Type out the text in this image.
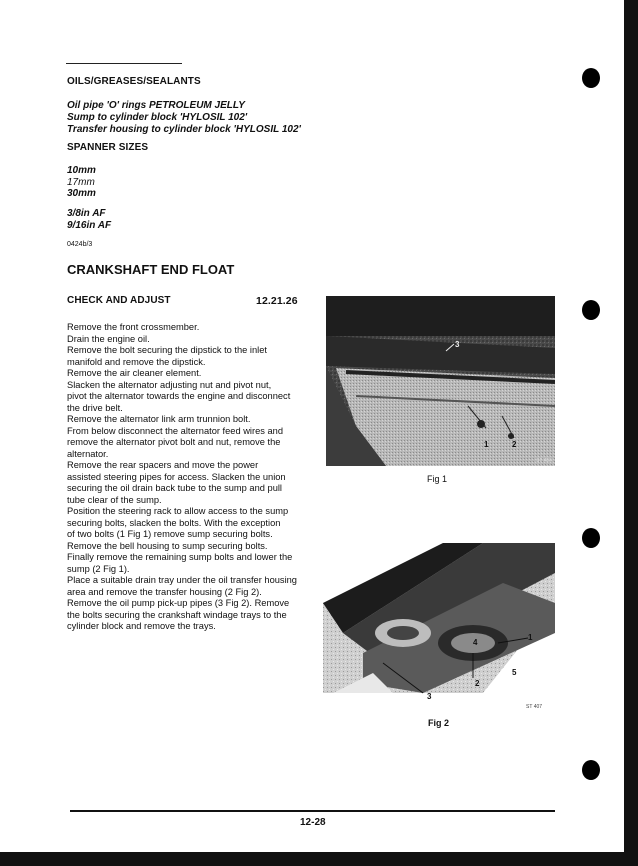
OILS/GREASES/SEALANTS
Oil pipe 'O' rings PETROLEUM JELLY
Sump to cylinder block 'HYLOSIL 102'
Transfer housing to cylinder block 'HYLOSIL 102'
SPANNER SIZES
10mm
17mm
30mm
3/8in AF
9/16in AF
0424b/3
CRANKSHAFT END FLOAT
CHECK AND ADJUST	12.21.26
Remove the front crossmember.
Drain the engine oil.
Remove the bolt securing the dipstick to the inlet
manifold and remove the dipstick.
Remove the air cleaner element.
Slacken the alternator adjusting nut and pivot nut,
pivot the alternator towards the engine and disconnect
the drive belt.
Remove the alternator link arm trunnion bolt.
From below disconnect the alternator feed wires and
remove the alternator pivot bolt and nut, remove the
alternator.
Remove the rear spacers and move the power
assisted steering pipes for access. Slacken the union
securing the oil drain back tube to the sump and pull
tube clear of the sump.
Position the steering rack to allow access to the sump
securing bolts, slacken the bolts. With the exception
of two bolts (1 Fig 1) remove sump securing bolts.
Remove the bell housing to sump securing bolts.
Finally remove the remaining sump bolts and lower the
sump (2 Fig 1).
Place a suitable drain tray under the oil transfer housing
area and remove the transfer housing (2 Fig 2).
Remove the oil pump pick-up pipes (3 Fig 2). Remove
the bolts securing the crankshaft windage trays to the
cylinder block and remove the trays.
3
1	2
ST 404
Fig 1
1
4
5
3
2
ST 407
Fig 2
12-28
